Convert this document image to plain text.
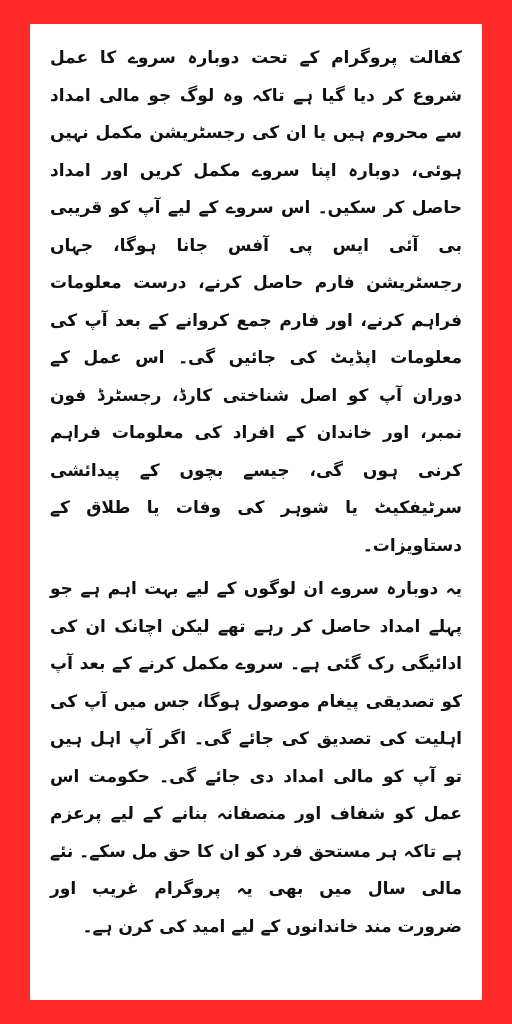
کفالت پروگرام کے تحت دوبارہ سروے کا عمل شروع کر دیا گیا ہے تاکہ وہ لوگ جو مالی امداد سے محروم ہیں یا ان کی رجسٹریشن مکمل نہیں ہوئی، دوبارہ اپنا سروے مکمل کریں اور امداد حاصل کر سکیں۔ اس سروے کے لیے آپ کو قریبی بی آئی ایس پی آفس جانا ہوگا، جہاں رجسٹریشن فارم حاصل کرنے، درست معلومات فراہم کرنے، اور فارم جمع کروانے کے بعد آپ کی معلومات اپڈیٹ کی جائیں گی۔ اس عمل کے دوران آپ کو اصل شناختی کارڈ، رجسٹرڈ فون نمبر، اور خاندان کے افراد کی معلومات فراہم کرنی ہوں گی، جیسے بچوں کے پیدائشی سرٹیفکیٹ یا شوہر کی وفات یا طلاق کے دستاویزات۔

یہ دوبارہ سروے ان لوگوں کے لیے بہت اہم ہے جو پہلے امداد حاصل کر رہے تھے لیکن اچانک ان کی ادائیگی رک گئی ہے۔ سروے مکمل کرنے کے بعد آپ کو تصدیقی پیغام موصول ہوگا، جس میں آپ کی اہلیت کی تصدیق کی جائے گی۔ اگر آپ اہل ہیں تو آپ کو مالی امداد دی جائے گی۔ حکومت اس عمل کو شفاف اور منصفانہ بنانے کے لیے پرعزم ہے تاکہ ہر مستحق فرد کو ان کا حق مل سکے۔ نئے مالی سال میں بھی یہ پروگرام غریب اور ضرورت مند خاندانوں کے لیے امید کی کرن ہے۔
